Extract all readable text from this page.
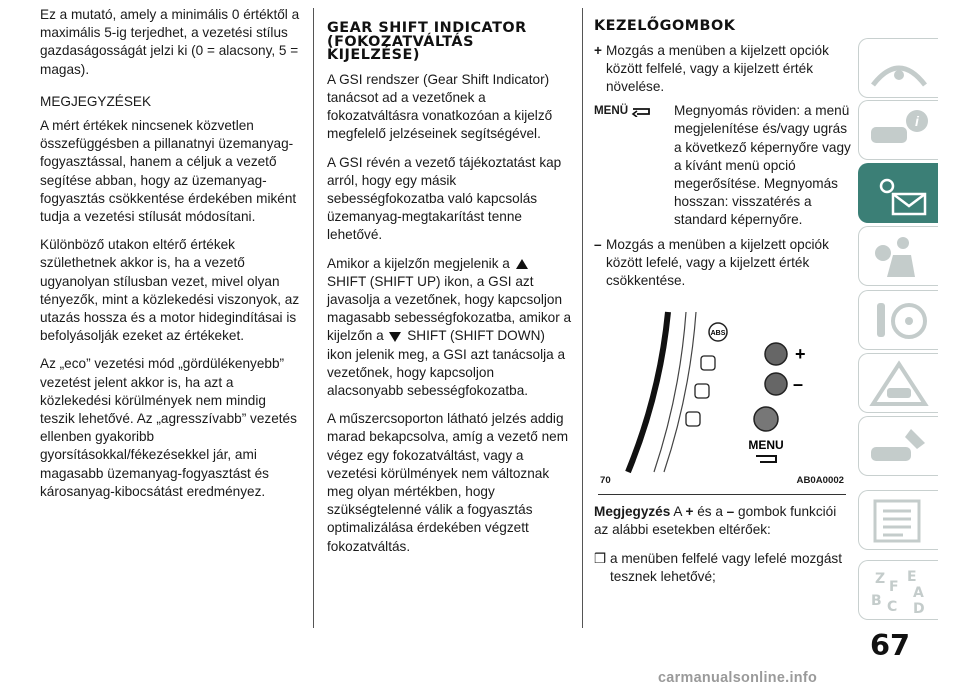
Ez a mutató, amely a minimális 0 értéktől a maximális 5-ig terjedhet, a vezetési stílus gazdaságosságát jelzi ki (0 = alacsony, 5 = magas).

MEGJEGYZÉSEK

A mért értékek nincsenek közvetlen összefüggésben a pillanatnyi üzemanyag-fogyasztással, hanem a céljuk a vezető segítése abban, hogy az üzemanyag-fogyasztás csökkentése érdekében miként tudja a vezetési stílusát módosítani.

Különböző utakon eltérő értékek születhetnek akkor is, ha a vezető ugyanolyan stílusban vezet, mivel olyan tényezők, mint a közlekedési viszonyok, az utazás hossza és a motor hidegindításai is befolyásolják ezeket az értékeket.

Az „eco” vezetési mód „gördülékenyebb” vezetést jelent akkor is, ha azt a közlekedési körülmények nem mindig teszik lehetővé. Az „agresszívabb” vezetés ellenben gyakoribb gyorsításokkal/fékezésekkel jár, ami magasabb üzemanyag-fogyasztást és károsanyag-kibocsátást eredményez.

GEAR SHIFT INDICATOR (FOKOZATVÁLTÁS KIJELZÉSE)

A GSI rendszer (Gear Shift Indicator) tanácsot ad a vezetőnek a fokozatváltásra vonatkozóan a kijelző megfelelő jelzéseinek segítségével.

A GSI révén a vezető tájékoztatást kap arról, hogy egy másik sebességfokozatba való kapcsolás üzemanyag-megtakarítást tenne lehetővé.

Amikor a kijelzőn megjelenik a  SHIFT (SHIFT UP) ikon, a GSI azt javasolja a vezetőnek, hogy kapcsoljon magasabb sebességfokozatba, amikor a kijelzőn a SHIFT (SHIFT DOWN) ikon jelenik meg, a GSI azt tanácsolja a vezetőnek, hogy kapcsoljon alacsonyabb sebességfokozatba.

A műszercsoporton látható jelzés addig marad bekapcsolva, amíg a vezető nem végez egy fokozatváltást, vagy a vezetési körülmények nem változnak meg olyan mértékben, hogy szükségtelenné válik a fogyasztás optimalizálása érdekében végzett fokozatváltás.

KEZELŐGOMBOK
+ Mozgás a menüben a kijelzett opciók között felfelé, vagy a kijelzett érték növelése.
MENÜ	Megnyomás röviden: a menü megjelenítése és/vagy ugrás a következő képernyőre vagy a kívánt menü opció megerősítése. Megnyomás hosszan: visszatérés a standard képernyőre.
– Mozgás a menüben a kijelzett opciók között lefelé, vagy a kijelzett érték csökkentése.
ABS
+
–
MENU
70	AB0A0002

Megjegyzés A + és a – gombok funkciói az alábbi esetekben eltérőek:

❒ a menüben felfelé vagy lefelé mozgást tesznek lehetővé;
i
Z E
F A
B C D
67
carmanualsonline.info
